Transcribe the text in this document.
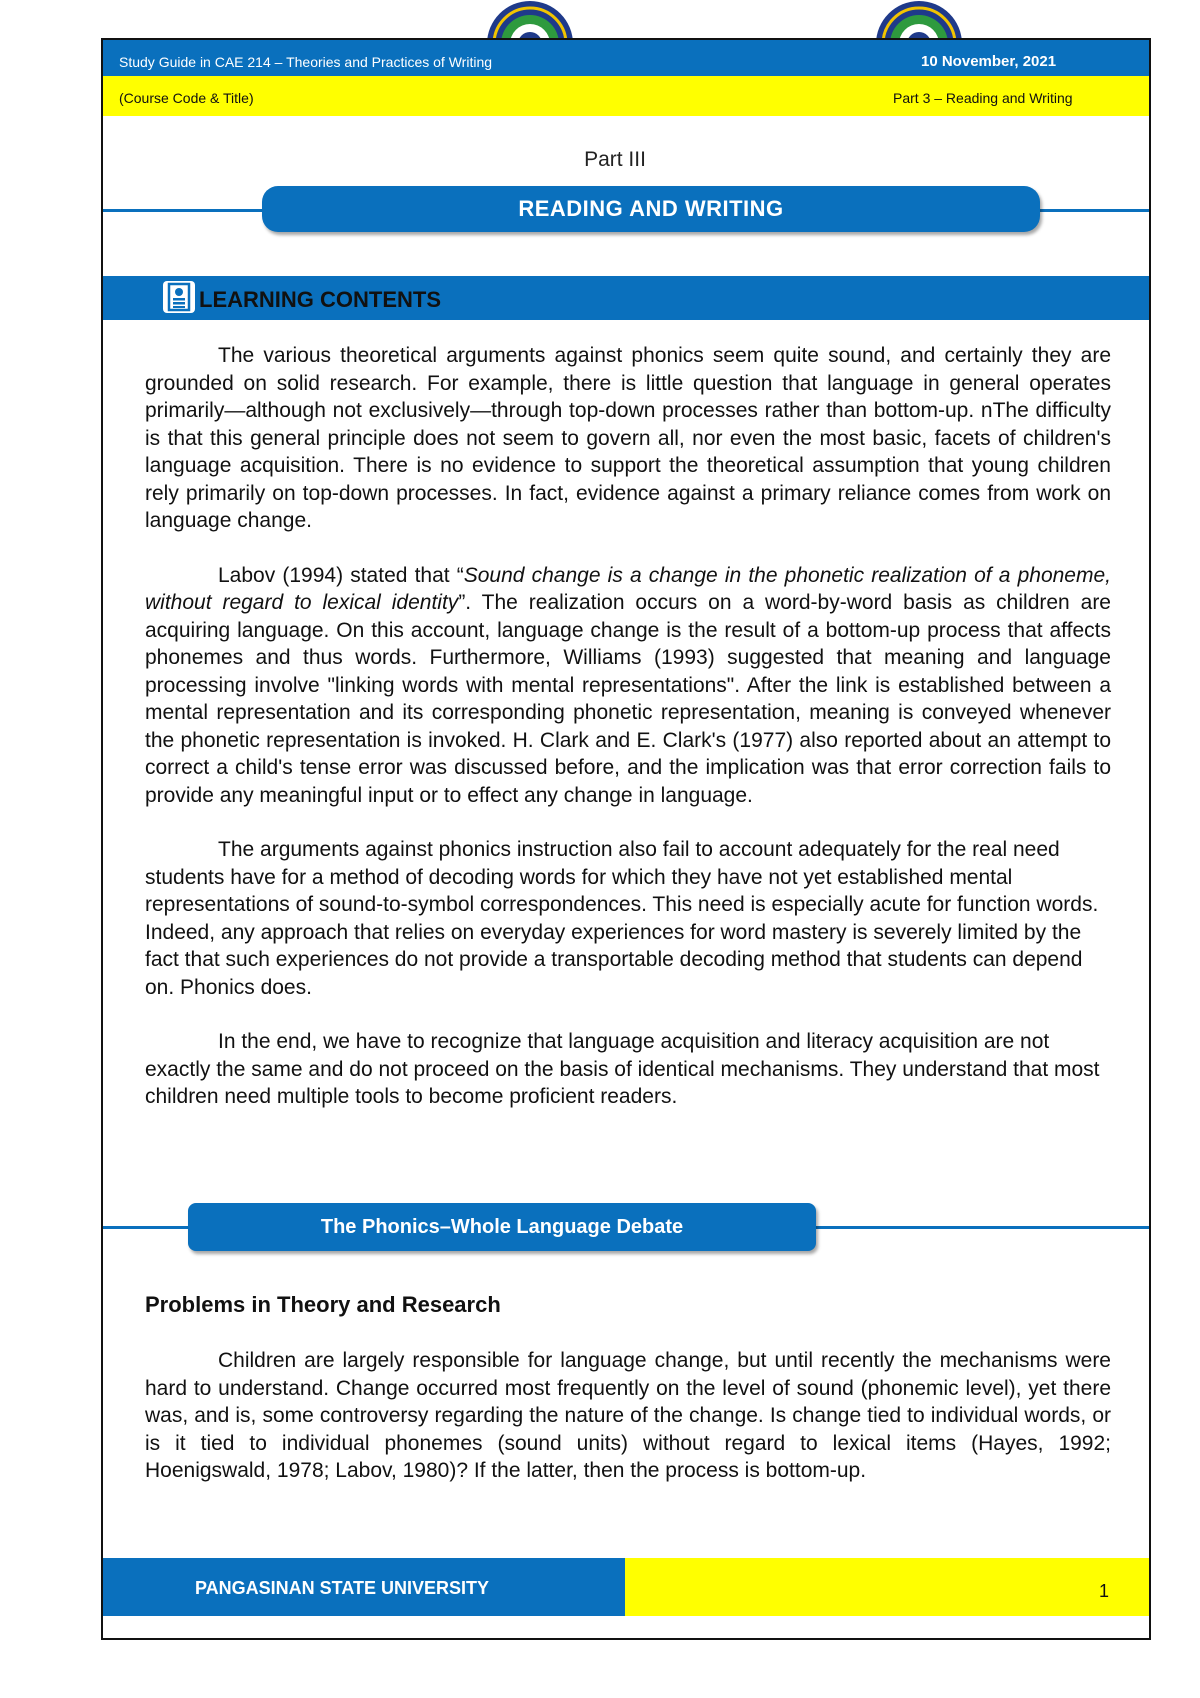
Study Guide in CAE 214 – Theories and Practices of Writing	10 November, 2021
(Course Code & Title)	Part 3 – Reading and Writing
Part III
READING AND WRITING
LEARNING CONTENTS

The various theoretical arguments against phonics seem quite sound, and certainly they are grounded on solid research. For example, there is little question that language in general operates primarily—although not exclusively—through top-down processes rather than bottom-up. nThe difficulty is that this general principle does not seem to govern all, nor even the most basic, facets of children's language acquisition. There is no evidence to support the theoretical assumption that young children rely primarily on top-down processes. In fact, evidence against a primary reliance comes from work on language change.

Labov (1994) stated that “Sound change is a change in the phonetic realization of a phoneme, without regard to lexical identity”. The realization occurs on a word-by-word basis as children are acquiring language. On this account, language change is the result of a bottom-up process that affects phonemes and thus words. Furthermore, Williams (1993) suggested that meaning and language processing involve "linking words with mental representations". After the link is established between a mental representation and its corresponding phonetic representation, meaning is conveyed whenever the phonetic representation is invoked. H. Clark and E. Clark's (1977) also reported about an attempt to correct a child's tense error was discussed before, and the implication was that error correction fails to provide any meaningful input or to effect any change in language.

The arguments against phonics instruction also fail to account adequately for the real need students have for a method of decoding words for which they have not yet established mental representations of sound-to-symbol correspondences. This need is especially acute for function words. Indeed, any approach that relies on everyday experiences for word mastery is severely limited by the fact that such experiences do not provide a transportable decoding method that students can depend on. Phonics does.

In the end, we have to recognize that language acquisition and literacy acquisition are not exactly the same and do not proceed on the basis of identical mechanisms. They understand that most children need multiple tools to become proficient readers.

The Phonics–Whole Language Debate
Problems in Theory and Research

Children are largely responsible for language change, but until recently the mechanisms were hard to understand. Change occurred most frequently on the level of sound (phonemic level), yet there was, and is, some controversy regarding the nature of the change. Is change tied to individual words, or is it tied to individual phonemes (sound units) without regard to lexical items (Hayes, 1992; Hoenigswald, 1978; Labov, 1980)? If the latter, then the process is bottom-up.

PANGASINAN STATE UNIVERSITY	1
